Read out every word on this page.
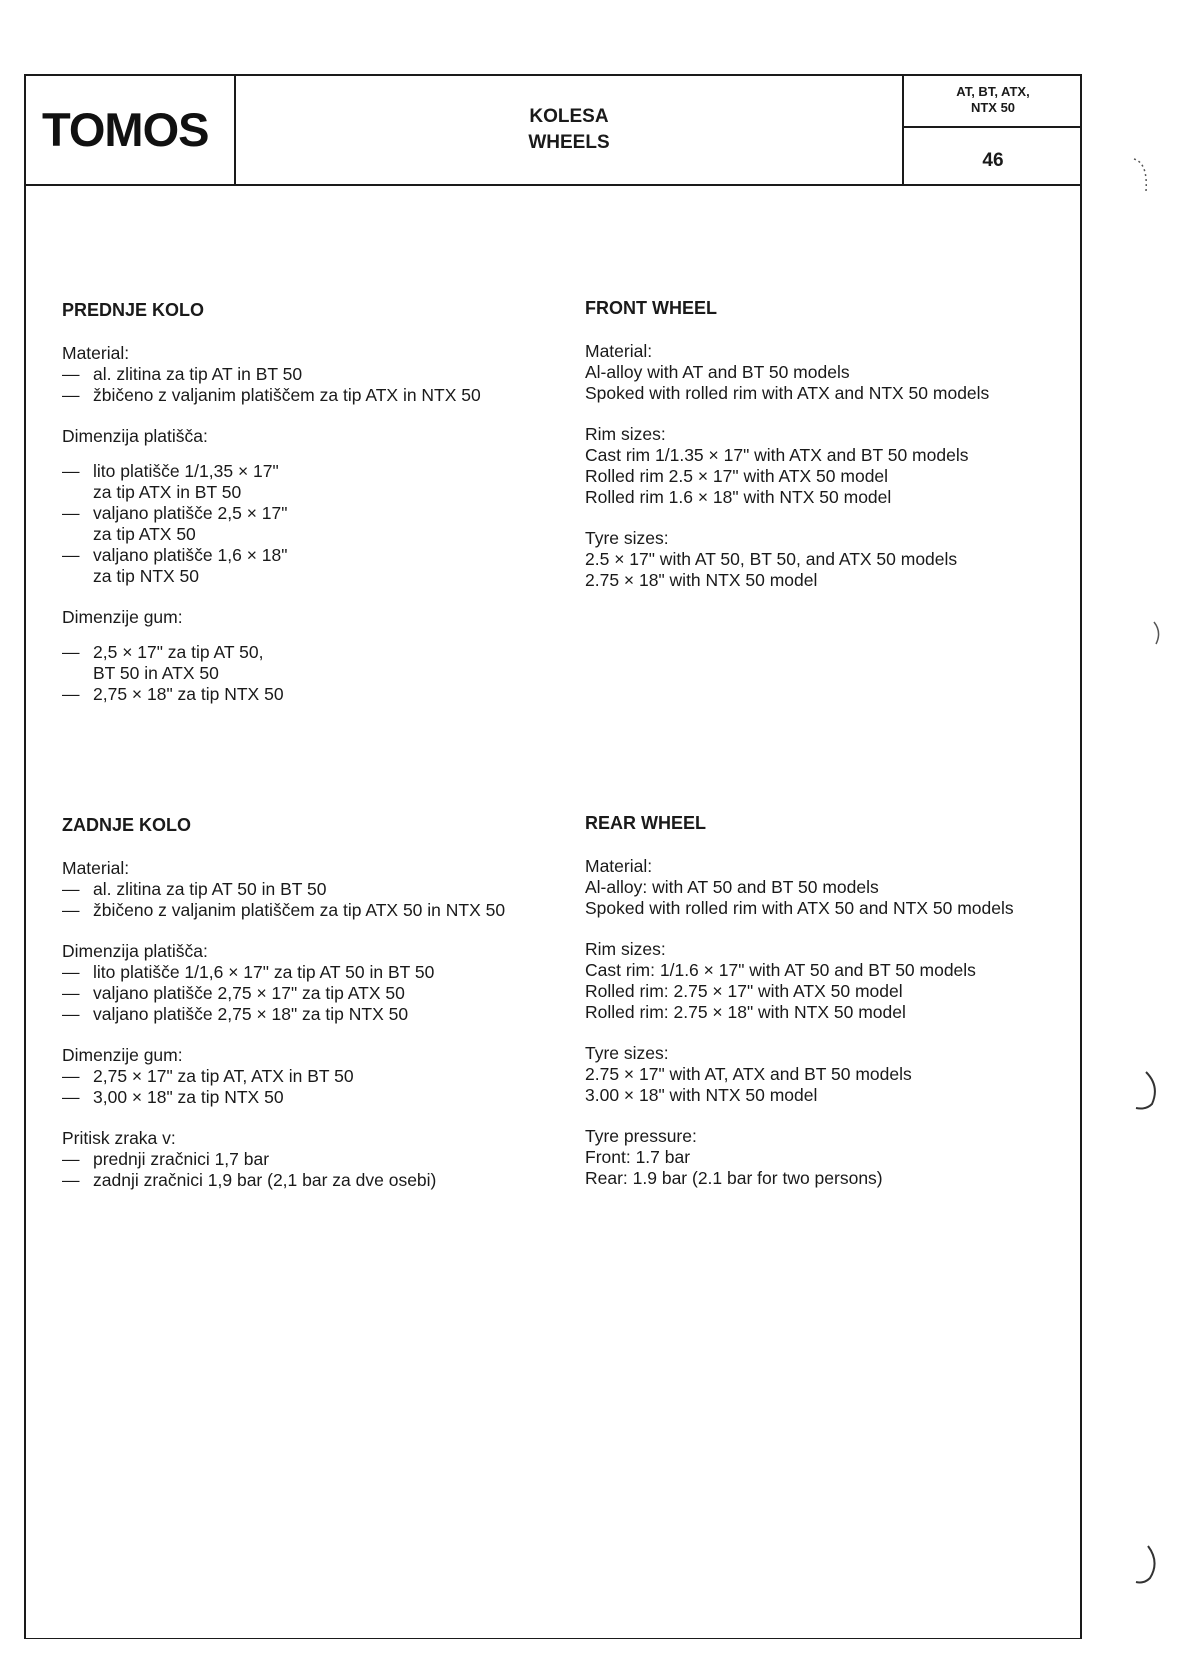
TOMOS	KOLESA
WHEELS
AT, BT, ATX,
NTX 50
46
PREDNJE KOLO
Material:
— al. zlitina za tip AT in BT 50
— žbičeno z valjanim platiščem za tip ATX in NTX 50
Dimenzija platišča:
— lito platišče 1/1,35 × 17"
za tip ATX in BT 50
— valjano platišče 2,5 × 17"
za tip ATX 50
— valjano platišče 1,6 × 18"
za tip NTX 50
Dimenzije gum:
— 2,5 × 17" za tip AT 50,
BT 50 in ATX 50
— 2,75 × 18" za tip NTX 50
FRONT WHEEL
Material:
Al-alloy with AT and BT 50 models
Spoked with rolled rim with ATX and NTX 50 models
Rim sizes:
Cast rim 1/1.35 × 17" with ATX and BT 50 models
Rolled rim 2.5 × 17" with ATX 50 model
Rolled rim 1.6 × 18" with NTX 50 model
Tyre sizes:
2.5 × 17" with AT 50, BT 50, and ATX 50 models
2.75 × 18" with NTX 50 model
ZADNJE KOLO
Material:
— al. zlitina za tip AT 50 in BT 50
— žbičeno z valjanim platiščem za tip ATX 50 in NTX 50
Dimenzija platišča:
— lito platišče 1/1,6 × 17" za tip AT 50 in BT 50
— valjano platišče 2,75 × 17" za tip ATX 50
— valjano platišče 2,75 × 18" za tip NTX 50
Dimenzije gum:
— 2,75 × 17" za tip AT, ATX in BT 50
— 3,00 × 18" za tip NTX 50
Pritisk zraka v:
— prednji zračnici 1,7 bar
— zadnji zračnici 1,9 bar (2,1 bar za dve osebi)
REAR WHEEL
Material:
Al-alloy: with AT 50 and BT 50 models
Spoked with rolled rim with ATX 50 and NTX 50 models
Rim sizes:
Cast rim: 1/1.6 × 17" with AT 50 and BT 50 models
Rolled rim: 2.75 × 17" with ATX 50 model
Rolled rim: 2.75 × 18" with NTX 50 model
Tyre sizes:
2.75 × 17" with AT, ATX and BT 50 models
3.00 × 18" with NTX 50 model
Tyre pressure:
Front: 1.7 bar
Rear: 1.9 bar (2.1 bar for two persons)
